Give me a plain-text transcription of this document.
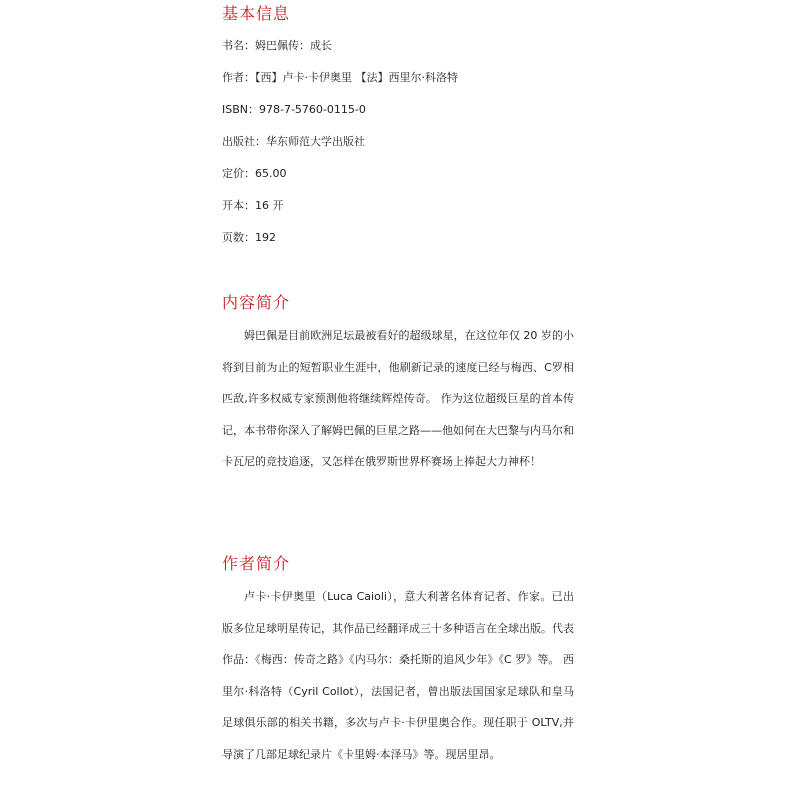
基本信息
书名：姆巴佩传：成长
作者：【西】卢卡·卡伊奥里 【法】西里尔·科洛特
ISBN：978-7-5760-0115-0
出版社：华东师范大学出版社
定价：65.00
开本：16 开
页数：192
内容简介

姆巴佩是目前欧洲足坛最被看好的超级球星，在这位年仅 20 岁的小将到目前为止的短暂职业生涯中，他刷新记录的速度已经与梅西、C罗相匹敌,许多权威专家预测他将继续辉煌传奇。 作为这位超级巨星的首本传记，本书带你深入了解姆巴佩的巨星之路——他如何在大巴黎与内马尔和卡瓦尼的竞技追逐，又怎样在俄罗斯世界杯赛场上捧起大力神杯！

作者简介

卢卡·卡伊奥里（Luca Caioli），意大利著名体育记者、作家。已出版多位足球明星传记，其作品已经翻译成三十多种语言在全球出版。代表作品：《梅西：传奇之路》《内马尔：桑托斯的追风少年》《C 罗》等。 西里尔·科洛特（Cyril Collot），法国记者，曾出版法国国家足球队和皇马足球俱乐部的相关书籍，多次与卢卡·卡伊里奥合作。现任职于 OLTV,并导演了几部足球纪录片《卡里姆·本泽马》等。现居里昂。
